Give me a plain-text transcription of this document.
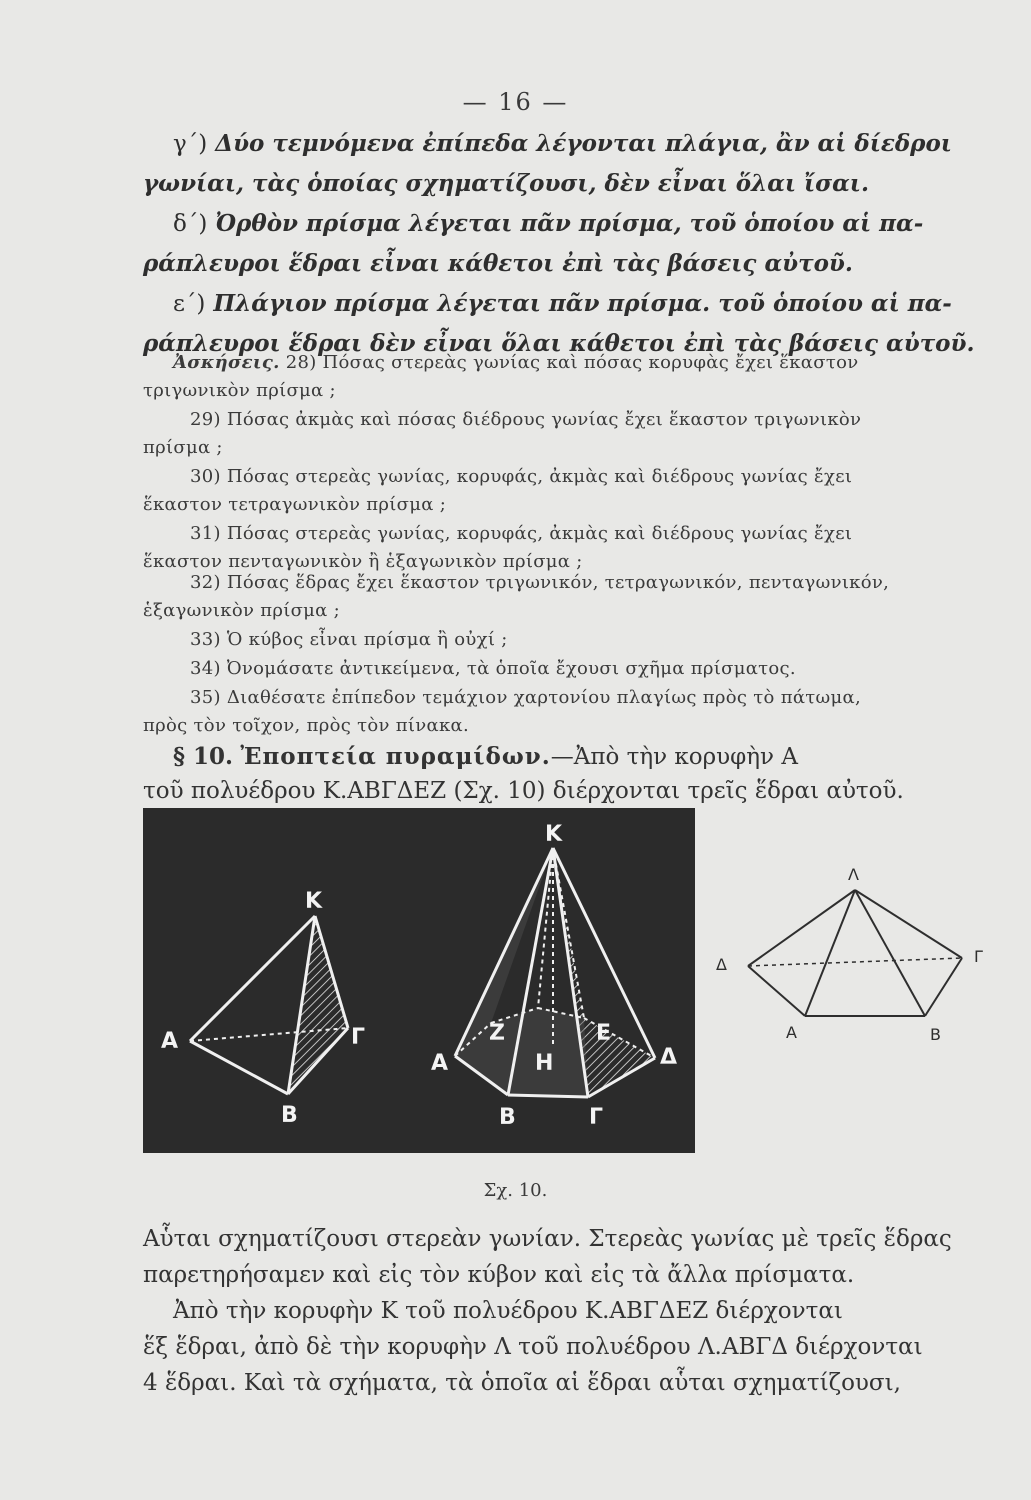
— 16 —
γ΄) Δύο τεμνόμενα ἐπίπεδα λέγονται πλάγια, ἂν αἱ δίεδροι
γωνίαι, τὰς ὁποίας σχηματίζουσι, δὲν εἶναι ὅλαι ἴσαι.
δ΄) Ὀρθὸν πρίσμα λέγεται πᾶν πρίσμα, τοῦ ὁποίου αἱ πα-
ράπλευροι ἕδραι εἶναι κάθετοι ἐπὶ τὰς βάσεις αὐτοῦ.
ε΄) Πλάγιον πρίσμα λέγεται πᾶν πρίσμα. τοῦ ὁποίου αἱ πα-
ράπλευροι ἕδραι δὲν εἶναι ὅλαι κάθετοι ἐπὶ τὰς βάσεις αὐτοῦ.
Ἀσκήσεις. 28) Πόσας στερεὰς γωνίας καὶ πόσας κορυφὰς ἔχει ἕκαστον
τριγωνικὸν πρίσμα ;
29) Πόσας ἀκμὰς καὶ πόσας διέδρους γωνίας ἔχει ἕκαστον τριγωνικὸν
πρίσμα ;
30) Πόσας στερεὰς γωνίας, κορυφάς, ἀκμὰς καὶ διέδρους γωνίας ἔχει
ἕκαστον τετραγωνικὸν πρίσμα ;
31) Πόσας στερεὰς γωνίας, κορυφάς, ἀκμὰς καὶ διέδρους γωνίας ἔχει
ἕκαστον πενταγωνικὸν ἢ ἑξαγωνικὸν πρίσμα ;
32) Πόσας ἕδρας ἔχει ἕκαστον τριγωνικόν, τετραγωνικόν, πενταγωνικόν,
ἑξαγωνικὸν πρίσμα ;
33) Ὁ κύβος εἶναι πρίσμα ἢ οὐχί ;
34) Ὀνομάσατε ἀντικείμενα, τὰ ὁποῖα ἔχουσι σχῆμα πρίσματος.
35) Διαθέσατε ἐπίπεδον τεμάχιον χαρτονίου πλαγίως πρὸς τὸ πάτωμα,
πρὸς τὸν τοῖχον, πρὸς τὸν πίνακα.
§ 10. Ἐποπτεία πυραμίδων.—Ἀπὸ τὴν κορυφὴν Α
τοῦ πολυέδρου Κ.ΑΒΓΔΕΖ (Σχ. 10) διέρχονται τρεῖς ἕδραι αὐτοῦ.
Κ
Α
Β
Γ
Κ
Α
Β	Γ
Δ
Ε
Ζ
Η
Λ
Δ	Γ
Α	Β
Σχ. 10.
Αὗται σχηματίζουσι στερεὰν γωνίαν. Στερεὰς γωνίας μὲ τρεῖς ἕδρας
παρετηρήσαμεν καὶ εἰς τὸν κύβον καὶ εἰς τὰ ἄλλα πρίσματα.
Ἀπὸ τὴν κορυφὴν Κ τοῦ πολυέδρου Κ.ΑΒΓΔΕΖ διέρχονται
ἕξ ἕδραι, ἀπὸ δὲ τὴν κορυφὴν Λ τοῦ πολυέδρου Λ.ΑΒΓΔ διέρχονται
4 ἕδραι. Καὶ τὰ σχήματα, τὰ ὁποῖα αἱ ἕδραι αὗται σχηματίζουσι,
